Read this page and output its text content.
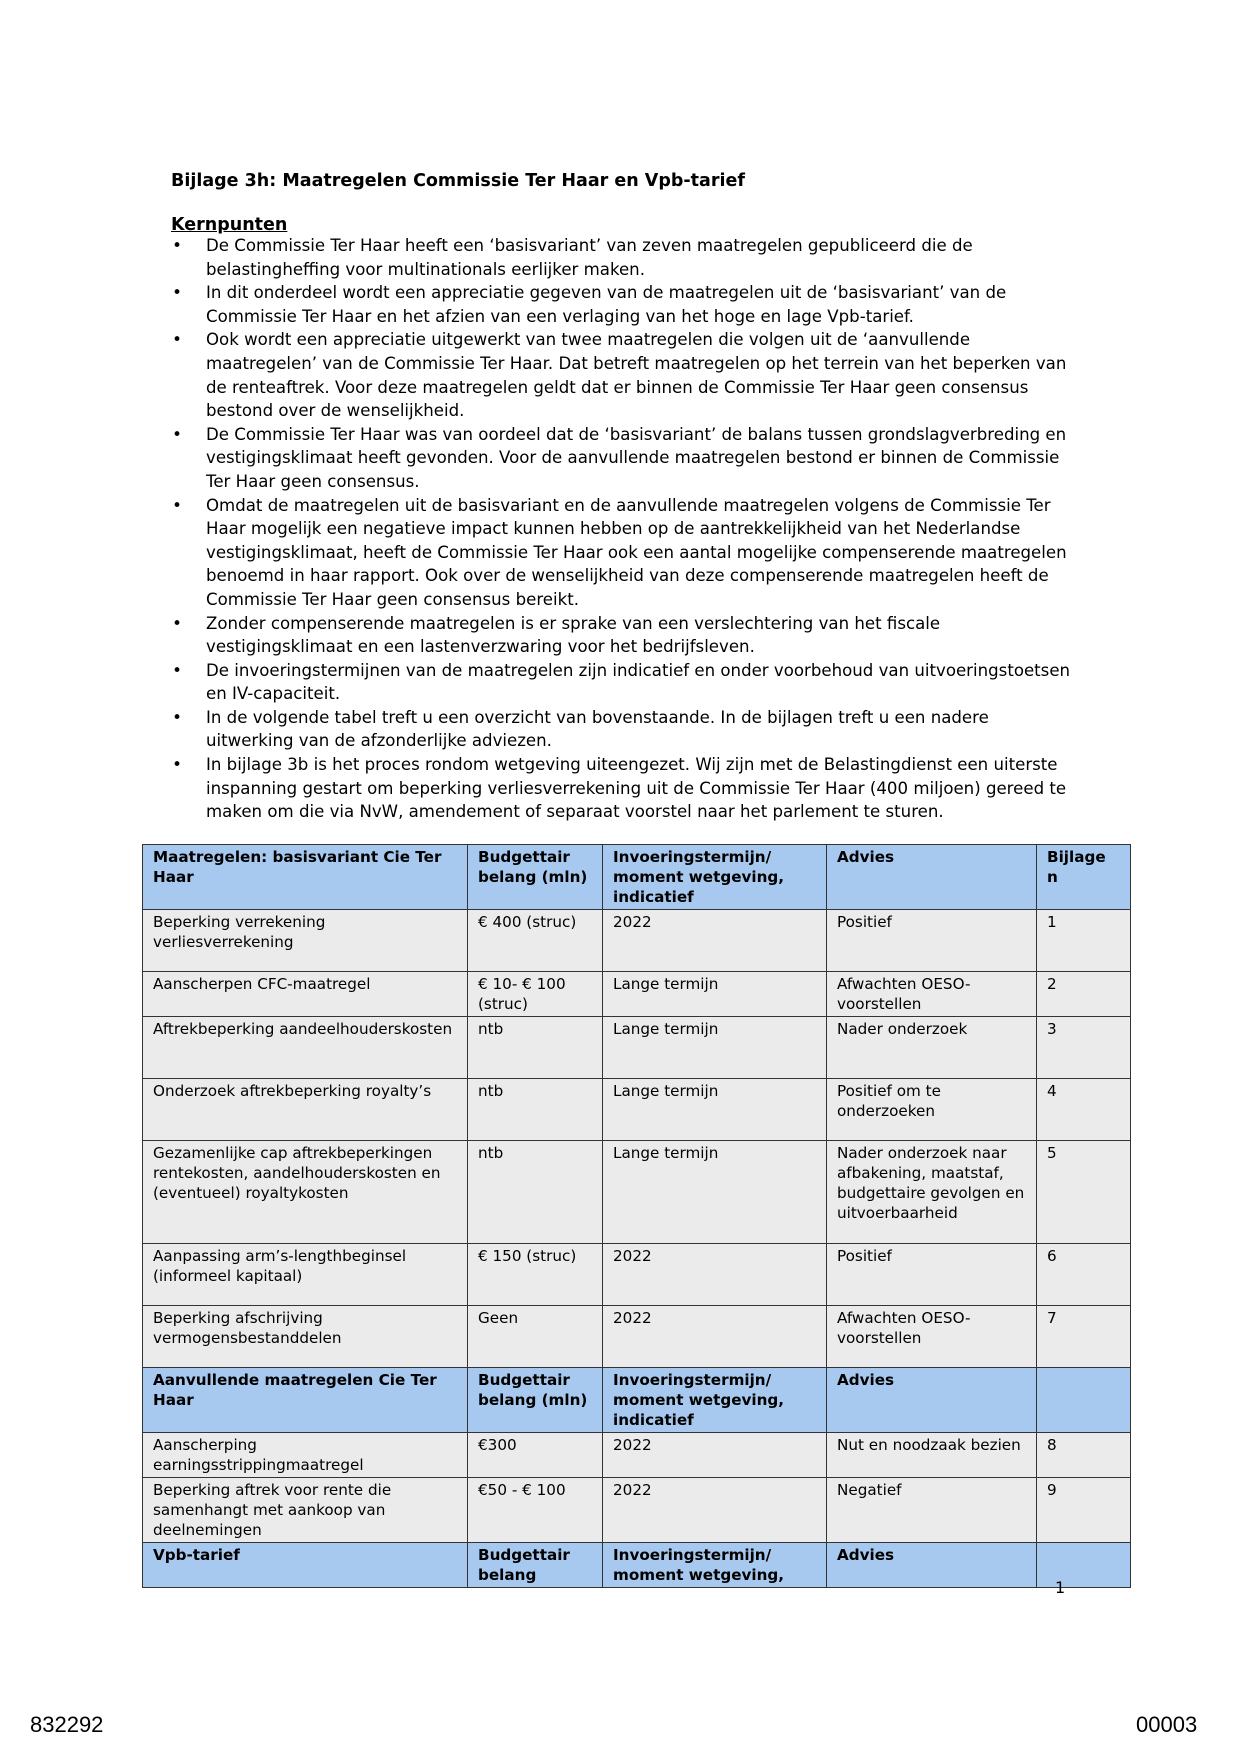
Bijlage 3h: Maatregelen Commissie Ter Haar en Vpb-tarief
Kernpunten
• De Commissie Ter Haar heeft een ‘basisvariant’ van zeven maatregelen gepubliceerd die de belastingheffing voor multinationals eerlijker maken.
• In dit onderdeel wordt een appreciatie gegeven van de maatregelen uit de ‘basisvariant’ van de Commissie Ter Haar en het afzien van een verlaging van het hoge en lage Vpb-tarief.
• Ook wordt een appreciatie uitgewerkt van twee maatregelen die volgen uit de ‘aanvullende maatregelen’ van de Commissie Ter Haar. Dat betreft maatregelen op het terrein van het beperken van de renteaftrek. Voor deze maatregelen geldt dat er binnen de Commissie Ter Haar geen consensus bestond over de wenselijkheid.
• De Commissie Ter Haar was van oordeel dat de ‘basisvariant’ de balans tussen grondslagverbreding en vestigingsklimaat heeft gevonden. Voor de aanvullende maatregelen bestond er binnen de Commissie Ter Haar geen consensus.
• Omdat de maatregelen uit de basisvariant en de aanvullende maatregelen volgens de Commissie Ter Haar mogelijk een negatieve impact kunnen hebben op de aantrekkelijkheid van het Nederlandse vestigingsklimaat, heeft de Commissie Ter Haar ook een aantal mogelijke compenserende maatregelen benoemd in haar rapport. Ook over de wenselijkheid van deze compenserende maatregelen heeft de Commissie Ter Haar geen consensus bereikt.
• Zonder compenserende maatregelen is er sprake van een verslechtering van het fiscale vestigingsklimaat en een lastenverzwaring voor het bedrijfsleven.
• De invoeringstermijnen van de maatregelen zijn indicatief en onder voorbehoud van uitvoeringstoetsen en IV-capaciteit.
• In de volgende tabel treft u een overzicht van bovenstaande. In de bijlagen treft u een nadere uitwerking van de afzonderlijke adviezen.
• In bijlage 3b is het proces rondom wetgeving uiteengezet. Wij zijn met de Belastingdienst een uiterste inspanning gestart om beperking verliesverrekening uit de Commissie Ter Haar (400 miljoen) gereed te maken om die via NvW, amendement of separaat voorstel naar het parlement te sturen.
Maatregelen: basisvariant Cie Ter Haar	Budgettair belang (mln)	Invoeringstermijn/ moment wetgeving, indicatief	Advies	Bijlage n
Beperking verrekening verliesverrekening	€ 400 (struc)	2022	Positief	1
Aanscherpen CFC-maatregel	€ 10- € 100 (struc)	Lange termijn	Afwachten OESO-voorstellen	2
Aftrekbeperking aandeelhouderskosten	ntb	Lange termijn	Nader onderzoek	3
Onderzoek aftrekbeperking royalty’s	ntb	Lange termijn	Positief om te onderzoeken	4
Gezamenlijke cap aftrekbeperkingen rentekosten, aandelhouderskosten en (eventueel) royaltykosten	ntb	Lange termijn	Nader onderzoek naar afbakening, maatstaf, budgettaire gevolgen en uitvoerbaarheid	5
Aanpassing arm’s-lengthbeginsel (informeel kapitaal)	€ 150 (struc)	2022	Positief	6
Beperking afschrijving vermogensbestanddelen	Geen	2022	Afwachten OESO-voorstellen	7
Aanvullende maatregelen Cie Ter Haar	Budgettair belang (mln)	Invoeringstermijn/ moment wetgeving, indicatief	Advies	
Aanscherping earningsstrippingmaatregel	€300	2022	Nut en noodzaak bezien	8
Beperking aftrek voor rente die samenhangt met aankoop van deelnemingen	€50 - € 100	2022	Negatief	9
Vpb-tarief	Budgettair belang	Invoeringstermijn/ moment wetgeving,	Advies	
1
832292	00003
